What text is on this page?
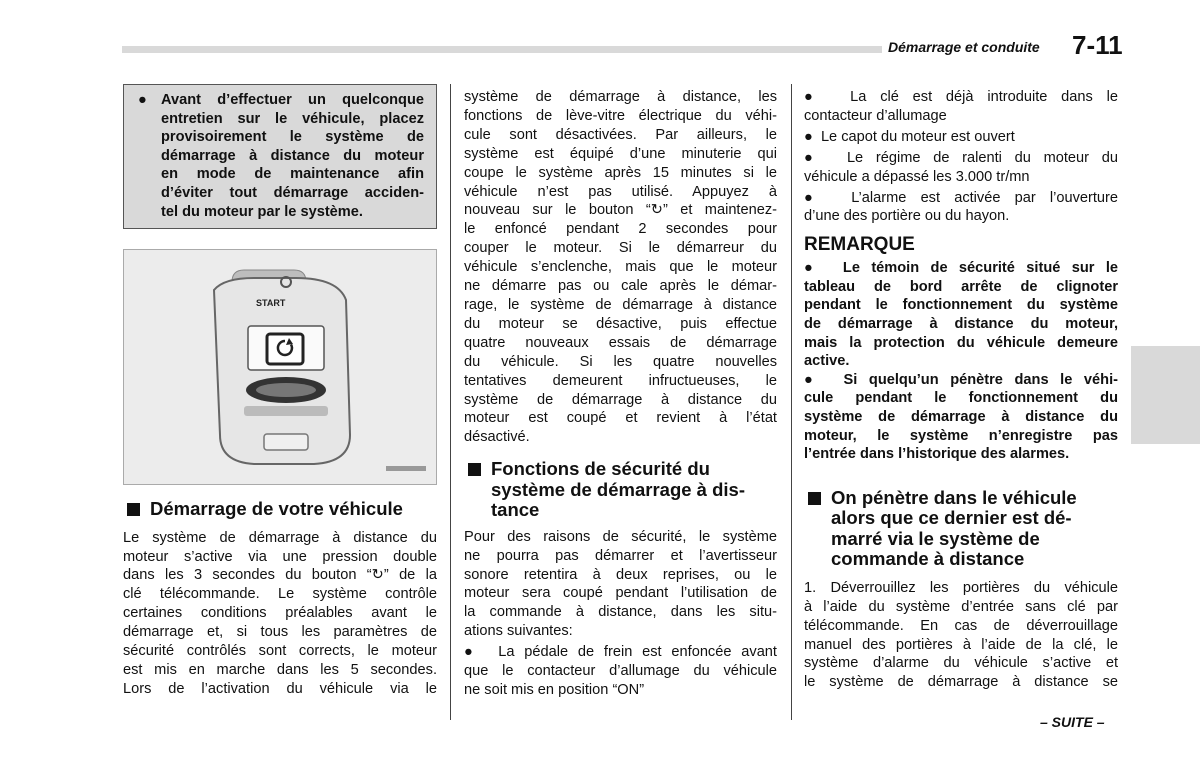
Démarrage et conduite 7-11
● Avant d’effectuer un quelconque
entretien sur le véhicule, placez
provisoirement le système de
démarrage à distance du moteur
en mode de maintenance afin
d’éviter tout démarrage acciden-
tel du moteur par le système.
START
Démarrage de votre véhicule

Le système de démarrage à distance du

moteur s’active via une pression double

dans les 3 secondes du bouton “↻” de la

clé télécommande. Le système contrôle

certaines conditions préalables avant le

démarrage et, si tous les paramètres de

sécurité contrôlés sont corrects, le moteur

est mis en marche dans les 5 secondes.

Lors de l’activation du véhicule via le

système de démarrage à distance, les

fonctions de lève-vitre électrique du véhi-

cule sont désactivées. Par ailleurs, le

système est équipé d’une minuterie qui

coupe le système après 15 minutes si le

véhicule n’est pas utilisé. Appuyez à

nouveau sur le bouton “↻” et maintenez-

le enfoncé pendant 2 secondes pour

couper le moteur. Si le démarreur du

véhicule s’enclenche, mais que le moteur

ne démarre pas ou cale après le démar-

rage, le système de démarrage à distance

du moteur se désactive, puis effectue

quatre nouveaux essais de démarrage

du véhicule. Si les quatre nouvelles

tentatives demeurent infructueuses, le

système de démarrage à distance du

moteur est coupé et revient à l’état

désactivé.

Fonctions de sécurité du
système de démarrage à dis-
tance

Pour des raisons de sécurité, le système

ne pourra pas démarrer et l’avertisseur

sonore retentira à deux reprises, ou le

moteur sera coupé pendant l’utilisation de

la commande à distance, dans les situ-

ations suivantes:

●  La pédale de frein est enfoncée avant

que le contacteur d’allumage du véhicule

ne soit mis en position “ON”

●  La clé est déjà introduite dans le

contacteur d’allumage

●  Le capot du moteur est ouvert

●  Le régime de ralenti du moteur du

véhicule a dépassé les 3.000 tr/mn

●  L’alarme est activée par l’ouverture

d’une des portière ou du hayon.

REMARQUE

●  Le témoin de sécurité situé sur le

tableau de bord arrête de clignoter

pendant le fonctionnement du système

de démarrage à distance du moteur,

mais la protection du véhicule demeure

active.

●  Si quelqu’un pénètre dans le véhi-

cule pendant le fonctionnement du

système de démarrage à distance du

moteur, le système n’enregistre pas

l’entrée dans l’historique des alarmes.

On pénètre dans le véhicule
alors que ce dernier est dé-
marré via le système de
commande à distance

1. Déverrouillez les portières du véhicule

à l’aide du système d’entrée sans clé par

télécommande. En cas de déverrouillage

manuel des portières à l’aide de la clé, le

système d’alarme du véhicule s’active et

le système de démarrage à distance se

– SUITE –
